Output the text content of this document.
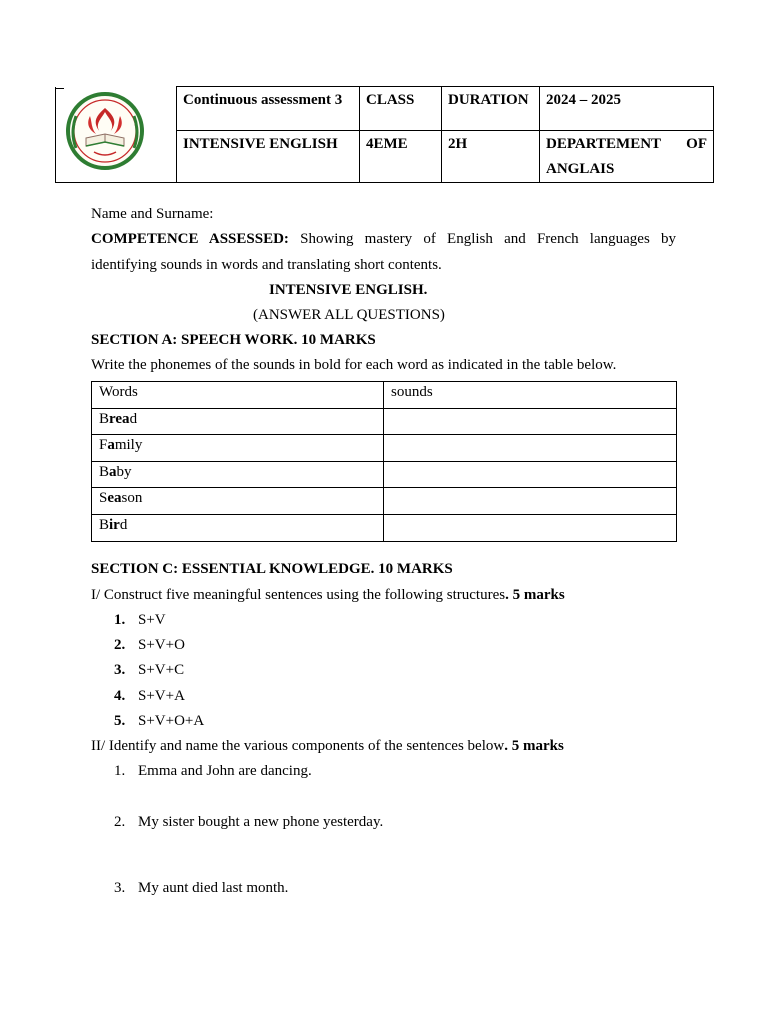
	Continuous assessment 3	CLASS	DURATION	2024 – 2025
	INTENSIVE ENGLISH	4EME	2H	DEPARTEMENT OF
ANGLAIS
Name and Surname:
COMPETENCE ASSESSED: Showing mastery of English and French languages by
identifying sounds in words and translating short contents.
INTENSIVE ENGLISH.
(ANSWER ALL QUESTIONS)
SECTION A: SPEECH WORK. 10 MARKS
Write the phonemes of the sounds in bold for each word as indicated in the table below.
Words	sounds
Bread	
Family	
Baby	
Season	
Bird	
SECTION C: ESSENTIAL KNOWLEDGE. 10 MARKS
I/ Construct five meaningful sentences using the following structures. 5 marks
1. S+V
2. S+V+O
3. S+V+C
4. S+V+A
5. S+V+O+A
II/ Identify and name the various components of the sentences below. 5 marks
1. Emma and John are dancing.
2. My sister bought a new phone yesterday.
3. My aunt died last month.
